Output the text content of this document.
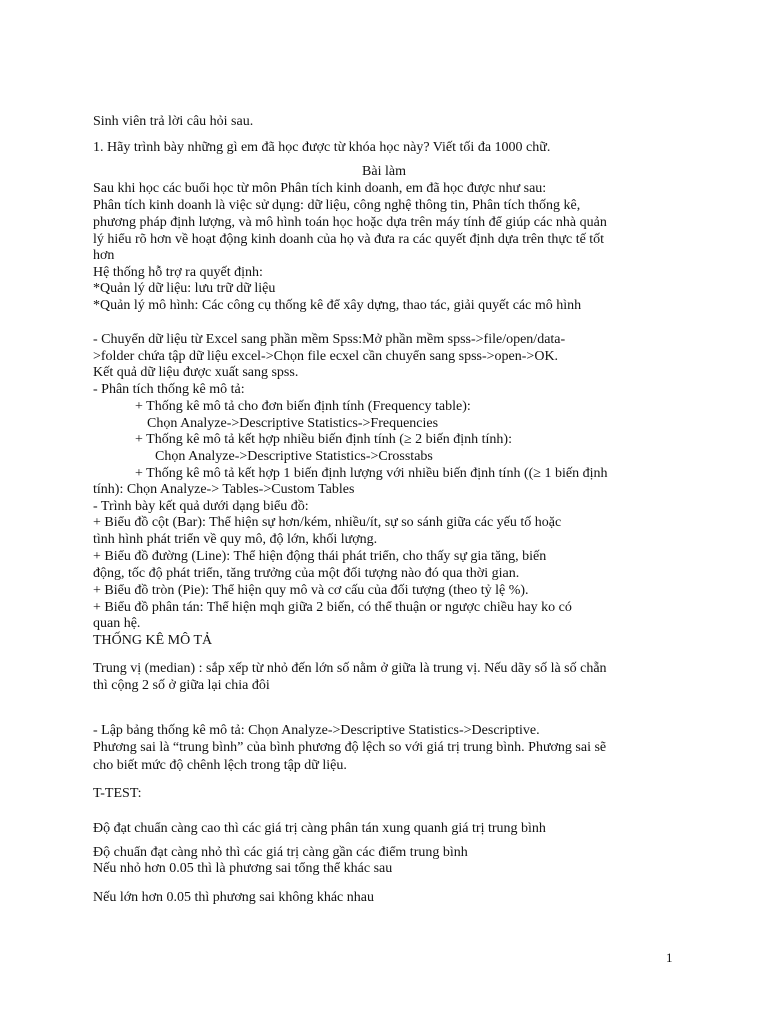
Sinh viên trả lời câu hỏi sau.
1. Hãy trình bày những gì em đã học được từ khóa học này? Viết tối đa 1000 chữ.
Bài làm
Sau khi học các buổi học từ môn Phân tích kinh doanh, em đã học được như sau:
Phân tích kinh doanh là việc sử dụng: dữ liệu, công nghệ thông tin, Phân tích thống kê,
phương pháp định lượng, và mô hình toán học hoặc dựa trên máy tính để giúp các nhà quản
lý hiểu rõ hơn về hoạt động kinh doanh của họ và đưa ra các quyết định dựa trên thực tế tốt
hơn
Hệ thống hỗ trợ ra quyết định:
*Quản lý dữ liệu: lưu trữ dữ liệu
*Quản lý mô hình: Các công cụ thống kê để xây dựng, thao tác, giải quyết các mô hình
- Chuyển dữ liệu từ Excel sang phần mềm Spss:Mở phần mềm spss->file/open/data-
>folder chứa tập dữ liệu excel->Chọn file ecxel cần chuyển sang spss->open->OK.
Kết quả dữ liệu được xuất sang spss.
- Phân tích thống kê mô tả:
+ Thống kê mô tả cho đơn biến định tính (Frequency table):
Chọn Analyze->Descriptive Statistics->Frequencies
+ Thống kê mô tả kết hợp nhiều biến định tính (≥ 2 biến định tính):
Chọn Analyze->Descriptive Statistics->Crosstabs
+ Thống kê mô tả kết hợp 1 biến định lượng với nhiều biến định tính ((≥ 1 biến định
tính): Chọn Analyze-> Tables->Custom Tables
- Trình bày kết quả dưới dạng biểu đồ:
+ Biểu đồ cột (Bar): Thể hiện sự hơn/kém, nhiều/ít, sự so sánh giữa các yếu tố hoặc
tình hình phát triển về quy mô, độ lớn, khối lượng.
+ Biểu đồ đường (Line): Thể hiện động thái phát triển, cho thấy sự gia tăng, biến
động, tốc độ phát triển, tăng trưởng của một đối tượng nào đó qua thời gian.
+ Biểu đồ tròn (Pie): Thể hiện quy mô và cơ cấu của đối tượng (theo tỷ lệ %).
+ Biểu đồ phân tán: Thể hiện mqh giữa 2 biến, có thể thuận or ngược chiều hay ko có
quan hệ.
THỐNG KÊ MÔ TẢ
Trung vị (median) : sắp xếp từ nhỏ đến lớn số nằm ở giữa là trung vị. Nếu dãy số là số chẵn
thì cộng 2 số ở giữa lại chia đôi
- Lập bảng thống kê mô tả: Chọn Analyze->Descriptive Statistics->Descriptive.
Phương sai là “trung bình” của bình phương độ lệch so với giá trị trung bình. Phương sai sẽ
cho biết mức độ chênh lệch trong tập dữ liệu.
T-TEST:
Độ đạt chuẩn càng cao thì các giá trị càng phân tán xung quanh giá trị trung bình
Độ chuẩn đạt càng nhỏ thì các giá trị càng gần các điểm trung bình
Nếu nhỏ hơn 0.05 thì là phương sai tổng thể khác sau
Nếu lớn hơn 0.05 thì phương sai không khác nhau
1
